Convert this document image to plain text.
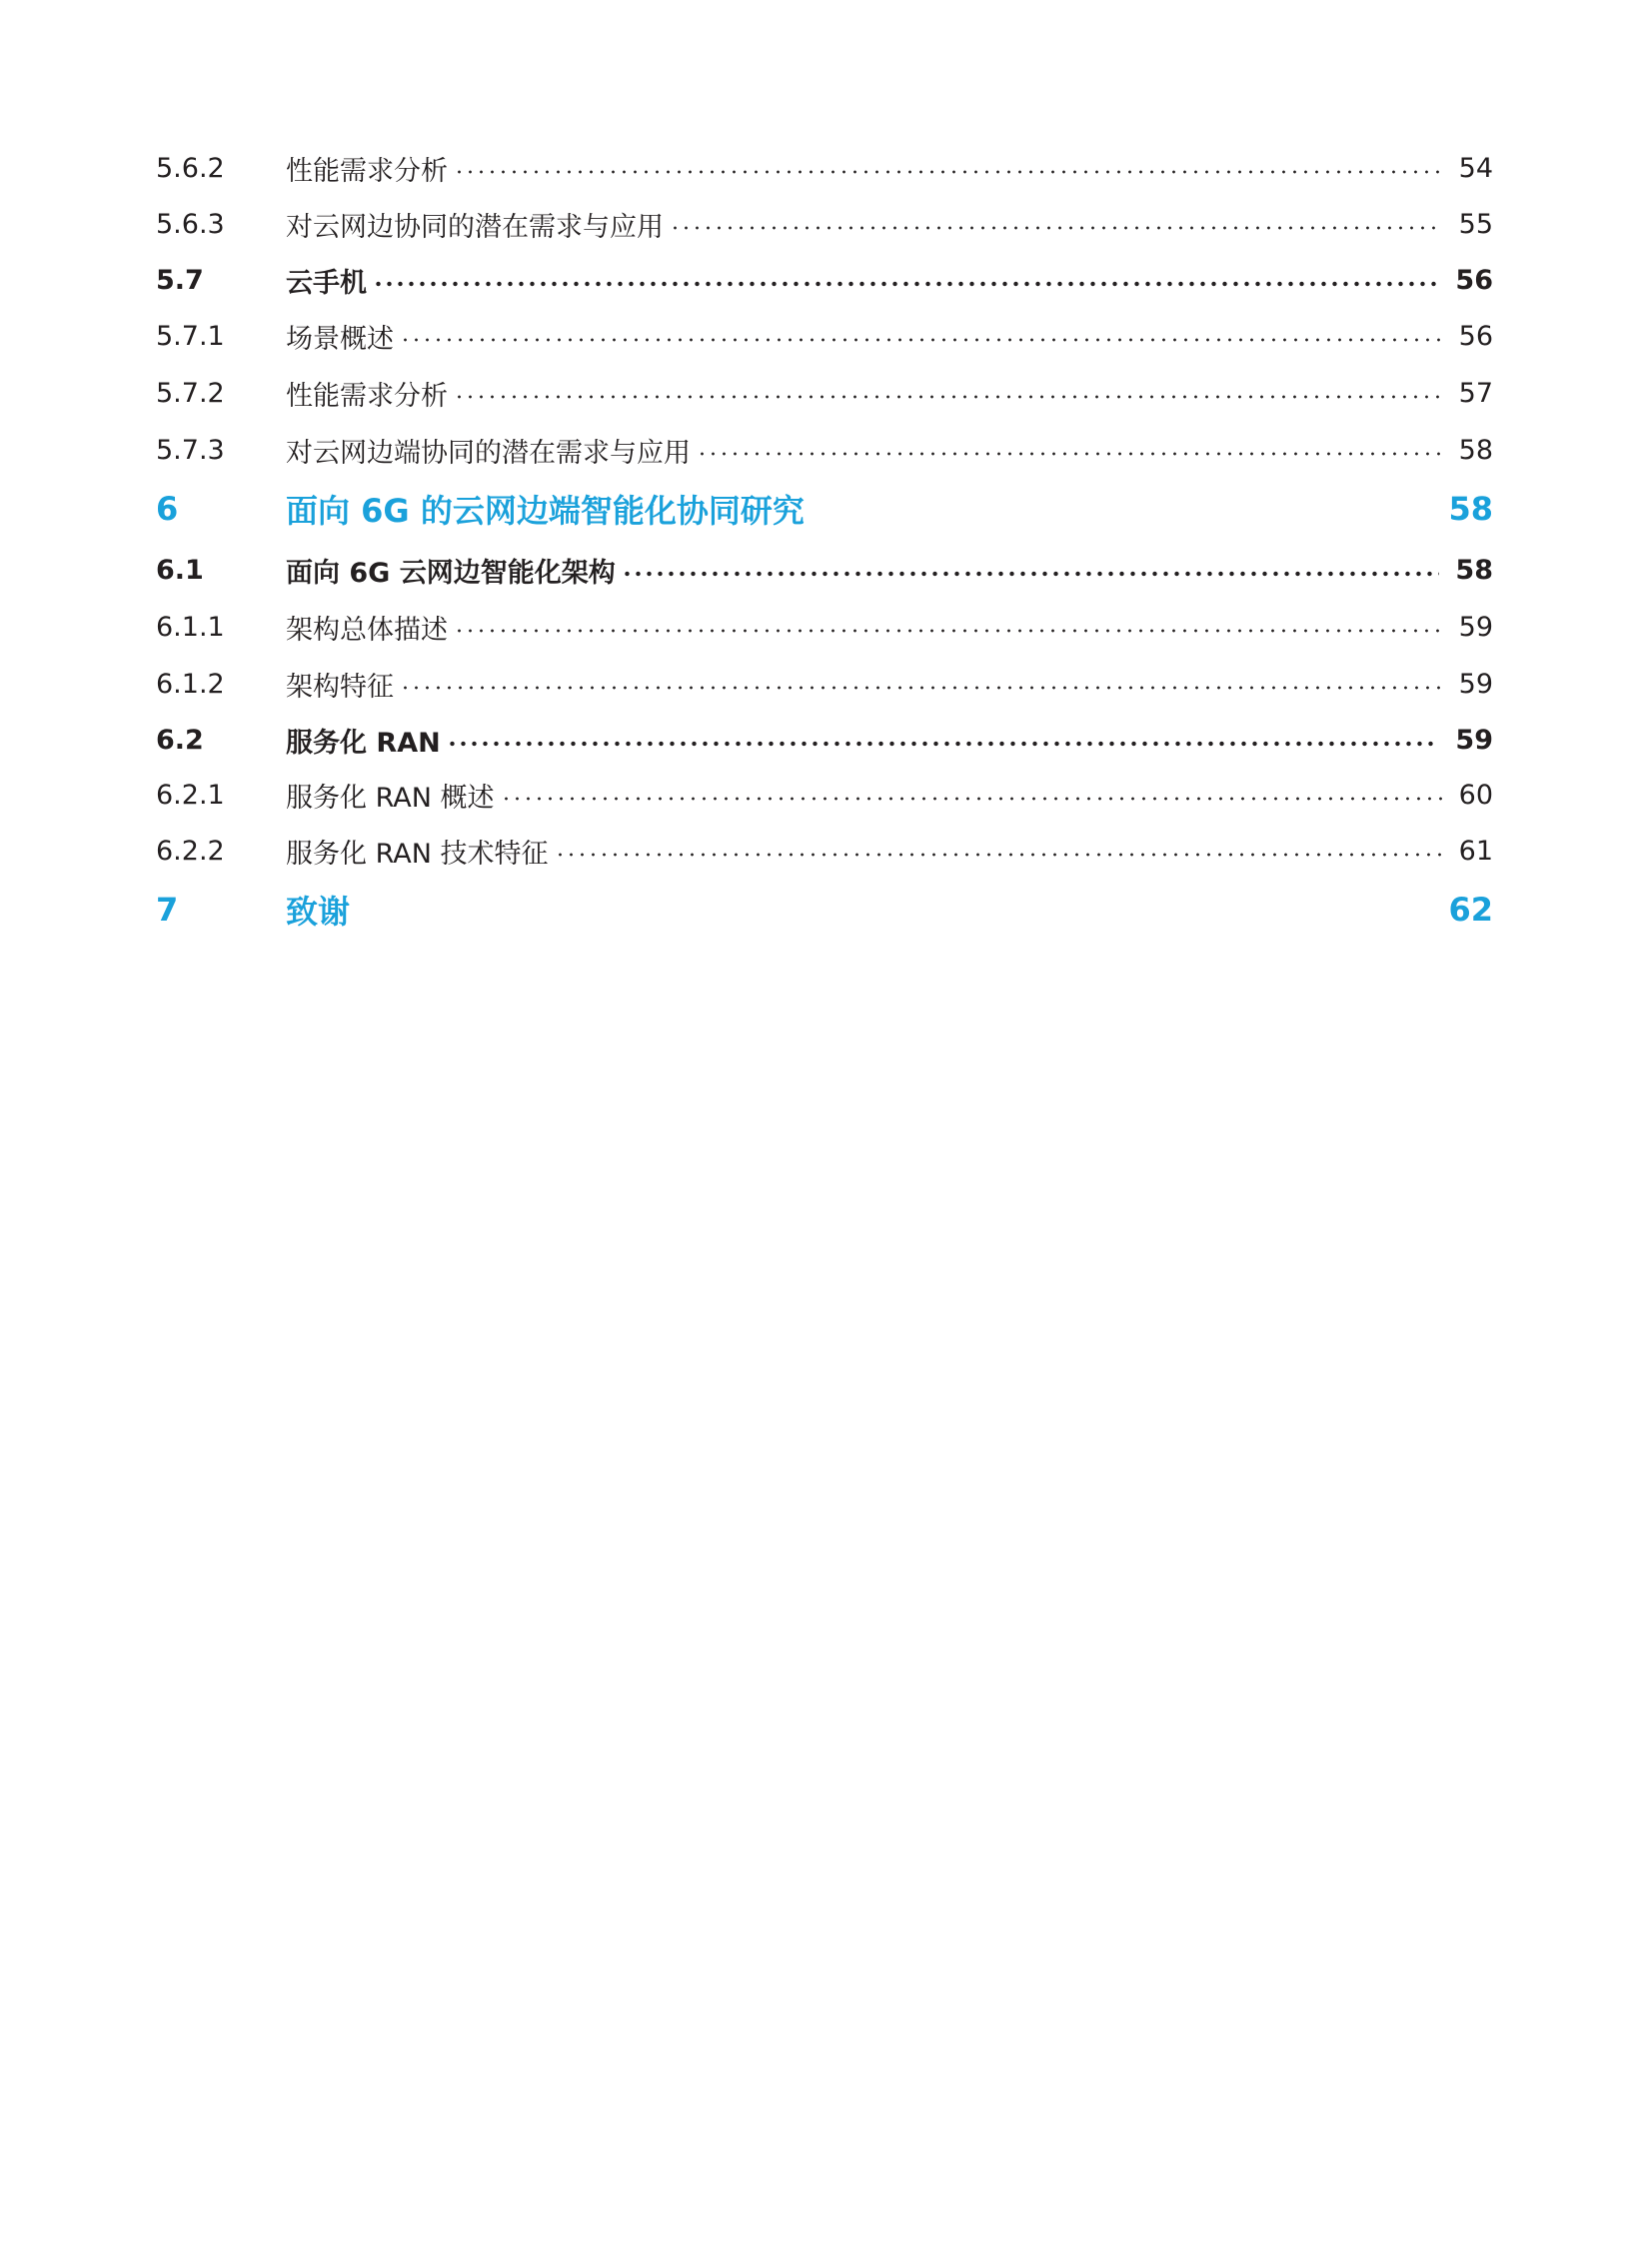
5.6.2	性能需求分析	54
5.6.3	对云网边协同的潜在需求与应用	55
5.7	云手机	56
5.7.1	场景概述	56
5.7.2	性能需求分析	57
5.7.3	对云网边端协同的潜在需求与应用	58
6	面向 6G 的云网边端智能化协同研究	58
6.1	面向 6G 云网边智能化架构	58
6.1.1	架构总体描述	59
6.1.2	架构特征	59
6.2	服务化 RAN	59
6.2.1	服务化 RAN 概述	60
6.2.2	服务化 RAN 技术特征	61
7	致谢	62
